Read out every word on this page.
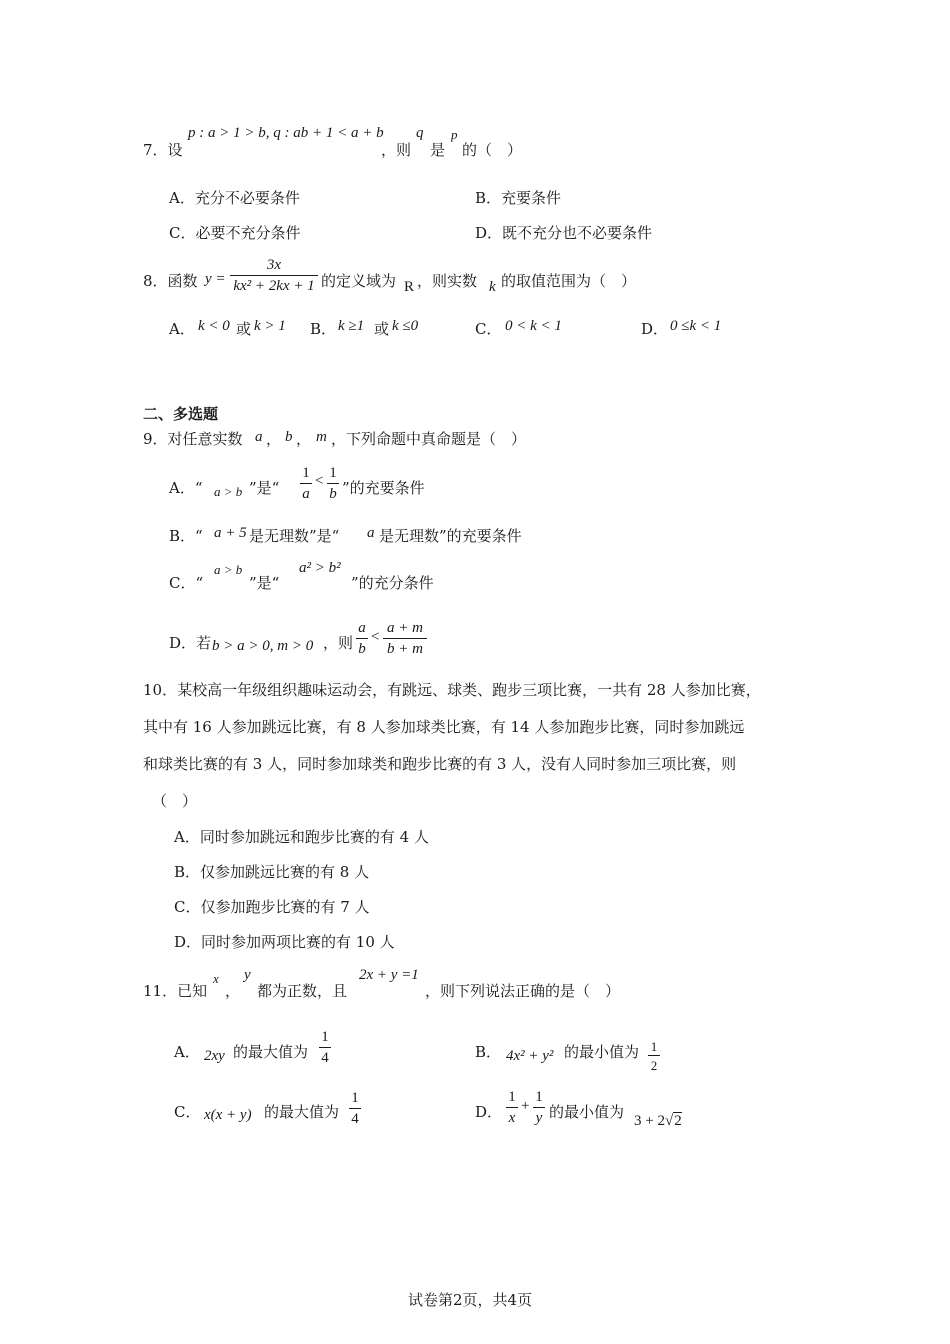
7．设
p : a > 1 > b, q : ab + 1 < a + b
，则
q
是
p
的（　）
A．充分不必要条件	B．充要条件
C．必要不充分条件	D．既不充分也不必要条件
8．函数 y =
3x
kx² + 2kx + 1 的定义域为 R ，则实数 k 的取值范围为（　）
A． k < 0 或 k > 1 B． k ≥1 或 k ≤0	C． 0 < k < 1	D． 0 ≤k < 1
二、多选题
9．对任意实数 a ， b ， m ，下列命题中真命题是（　）
A．“ a > b ”是“
1
a
< 1
b ”的充要条件
B．“ a + 5 是无理数”是“ a 是无理数”的充要条件
C．“
a > b
”是“
a² > b²
”的充分条件
D．若 b > a > 0, m > 0 ，则
a
b
<
a + m
b + m
10．某校高一年级组织趣味运动会，有跳远、球类、跑步三项比赛，一共有 28 人参加比赛，
其中有 16 人参加跳远比赛，有 8 人参加球类比赛，有 14 人参加跑步比赛，同时参加跳远
和球类比赛的有 3 人，同时参加球类和跑步比赛的有 3 人，没有人同时参加三项比赛，则
（　）
A．同时参加跳远和跑步比赛的有 4 人
B．仅参加跳远比赛的有 8 人
C．仅参加跑步比赛的有 7 人
D．同时参加两项比赛的有 10 人
11．已知
x
，
y
都为正数，且
2x + y =1
，则下列说法正确的是（　）
A． 2xy 的最大值为
1
4	B． 4x² + y² 的最小值为 1
2
C． x(x + y) 的最大值为
1
4	D．
1
x
+
1
y 的最小值为 3 + 2√2
试卷第2页，共4页
